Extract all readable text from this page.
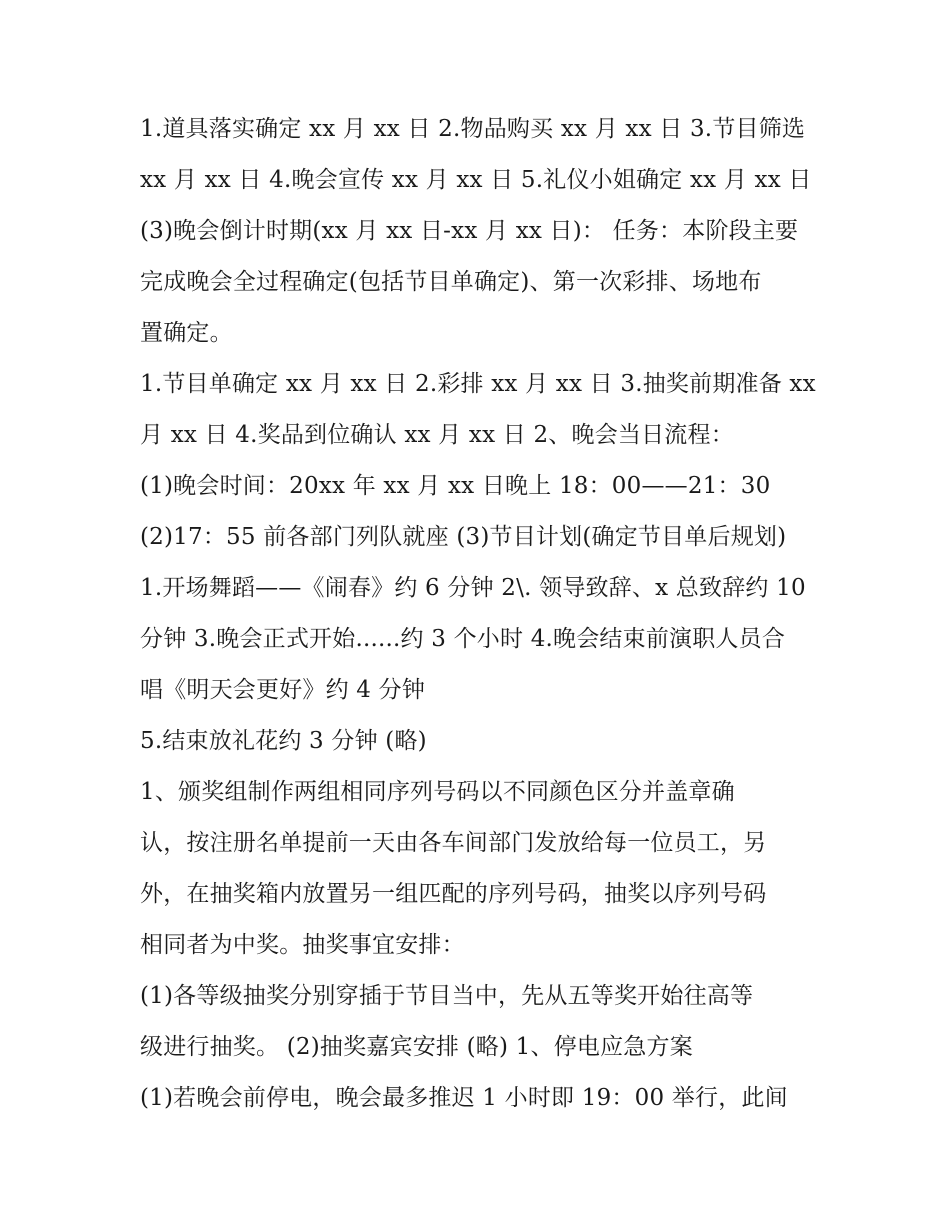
1.道具落实确定 xx 月 xx 日 2.物品购买 xx 月 xx 日 3.节目筛选
xx 月 xx 日 4.晚会宣传 xx 月 xx 日 5.礼仪小姐确定 xx 月 xx 日
(3)晚会倒计时期(xx 月 xx 日-xx 月 xx 日)： 任务：本阶段主要
完成晚会全过程确定(包括节目单确定)、第一次彩排、场地布
置确定。
1.节目单确定 xx 月 xx 日 2.彩排 xx 月 xx 日 3.抽奖前期准备 xx
月 xx 日 4.奖品到位确认 xx 月 xx 日 2、晚会当日流程：
(1)晚会时间：20xx 年 xx 月 xx 日晚上 18：00——21：30
(2)17：55 前各部门列队就座 (3)节目计划(确定节目单后规划)
1.开场舞蹈——《闹春》约 6 分钟 2\. 领导致辞、x 总致辞约 10
分钟 3.晚会正式开始......约 3 个小时 4.晚会结束前演职人员合
唱《明天会更好》约 4 分钟
5.结束放礼花约 3 分钟 (略)
1、颁奖组制作两组相同序列号码以不同颜色区分并盖章确
认，按注册名单提前一天由各车间部门发放给每一位员工，另
外，在抽奖箱内放置另一组匹配的序列号码，抽奖以序列号码
相同者为中奖。抽奖事宜安排：
(1)各等级抽奖分别穿插于节目当中，先从五等奖开始往高等
级进行抽奖。 (2)抽奖嘉宾安排 (略) 1、停电应急方案
(1)若晚会前停电，晚会最多推迟 1 小时即 19：00 举行，此间
